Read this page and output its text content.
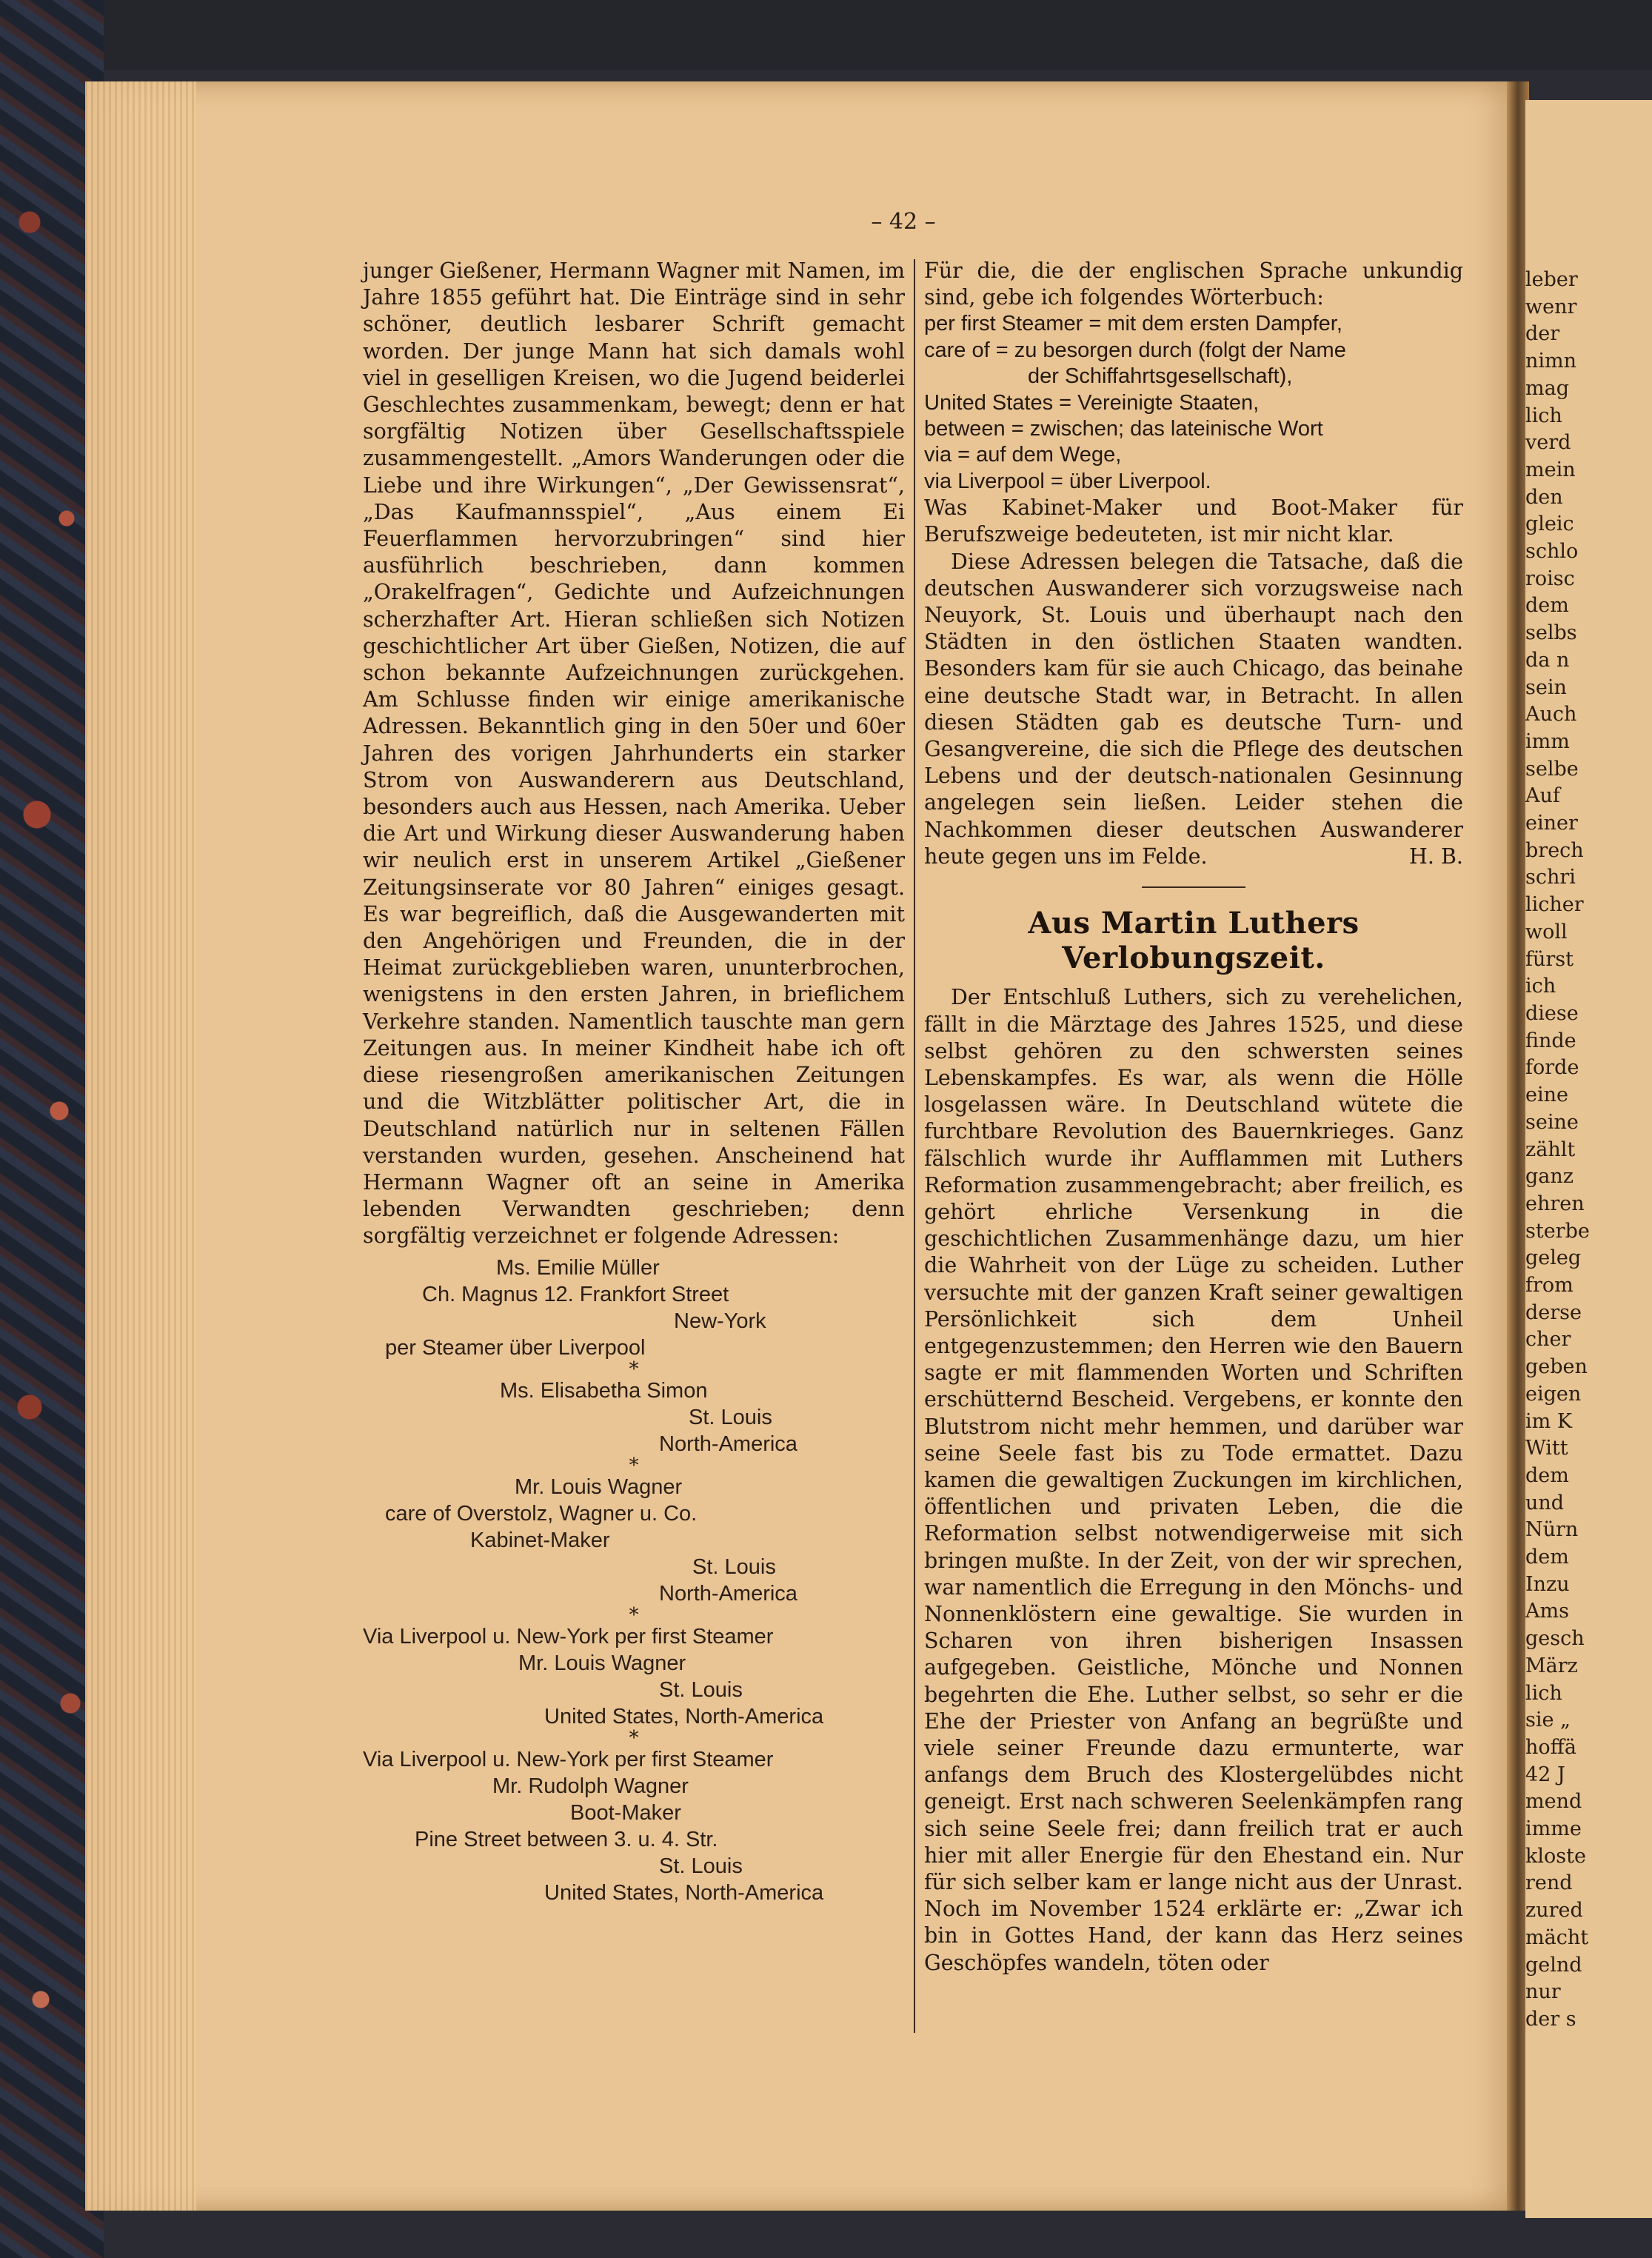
leber
wenr
der
nimn
mag
lich
verd
mein
den
gleic
schlo
roisc
dem
selbs
da n
sein
Auch
imm
selbe
Auf
einer
brech
schri
licher
woll
fürst
ich
diese
finde
forde
eine
seine
zählt
ganz
ehren
sterbe
geleg
from
derse
cher
geben
eigen
im K
Witt
dem
und
Nürn
dem
Inzu
Ams
gesch
März
lich
sie „
hoffä
42 J
mend
imme
kloste
rend
zured
mächt
gelnd
nur
der s
– 42 –

junger Gießener, Hermann Wagner mit Namen, im Jahre 1855 geführt hat. Die Einträge sind in sehr schöner, deutlich lesbarer Schrift gemacht worden. Der junge Mann hat sich damals wohl viel in geselligen Kreisen, wo die Jugend beiderlei Geschlechtes zusammenkam, bewegt; denn er hat sorgfältig Notizen über Gesellschaftsspiele zusammengestellt. „Amors Wanderungen oder die Liebe und ihre Wirkungen“, „Der Gewissensrat“, „Das Kaufmannsspiel“, „Aus einem Ei Feuerflammen hervorzubringen“ sind hier ausführlich beschrieben, dann kommen „Orakelfragen“, Gedichte und Aufzeichnungen scherzhafter Art. Hieran schließen sich Notizen geschichtlicher Art über Gießen, Notizen, die auf schon bekannte Aufzeichnungen zurückgehen. Am Schlusse finden wir einige amerikanische Adressen. Bekanntlich ging in den 50er und 60er Jahren des vorigen Jahrhunderts ein starker Strom von Auswanderern aus Deutschland, besonders auch aus Hessen, nach Amerika. Ueber die Art und Wirkung dieser Auswanderung haben wir neulich erst in unserem Artikel „Gießener Zeitungsinserate vor 80 Jahren“ einiges gesagt. Es war begreiflich, daß die Ausgewanderten mit den Angehörigen und Freunden, die in der Heimat zurückgeblieben waren, ununterbrochen, wenigstens in den ersten Jahren, in brieflichem Verkehre standen. Namentlich tauschte man gern Zeitungen aus. In meiner Kindheit habe ich oft diese riesengroßen amerikanischen Zeitungen und die Witzblätter politischer Art, die in Deutschland natürlich nur in seltenen Fällen verstanden wurden, gesehen. Anscheinend hat Hermann Wagner oft an seine in Amerika lebenden Verwandten geschrieben; denn sorgfältig verzeichnet er folgende Adressen:

Ms. Emilie Müller

Ch. Magnus 12. Frankfort Street

New-York

per Steamer über Liverpool

*

Ms. Elisabetha Simon

St. Louis

North-America

*

Mr. Louis Wagner

care of Overstolz, Wagner u. Co.

Kabinet-Maker

St. Louis

North-America

*

Via Liverpool u. New-York per first Steamer

Mr. Louis Wagner

St. Louis

United States, North-America

*

Via Liverpool u. New-York per first Steamer

Mr. Rudolph Wagner

Boot-Maker

Pine Street between 3. u. 4. Str.

St. Louis

United States, North-America

Für die, die der englischen Sprache unkundig sind, gebe ich folgendes Wörterbuch:

per first Steamer = mit dem ersten Dampfer,

care of = zu besorgen durch (folgt der Name

der Schiffahrtsgesellschaft),

United States = Vereinigte Staaten,

between = zwischen; das lateinische Wort

via = auf dem Wege,

via Liverpool = über Liverpool.

Was Kabinet-Maker und Boot-Maker für Berufszweige bedeuteten, ist mir nicht klar.

Diese Adressen belegen die Tatsache, daß die deutschen Auswanderer sich vorzugsweise nach Neuyork, St. Louis und überhaupt nach den Städten in den östlichen Staaten wandten. Besonders kam für sie auch Chicago, das beinahe eine deutsche Stadt war, in Betracht. In allen diesen Städten gab es deutsche Turn- und Gesangvereine, die sich die Pflege des deutschen Lebens und der deutsch-nationalen Gesinnung angelegen sein ließen. Leider stehen die Nachkommen dieser deutschen Auswanderer heute gegen uns im Felde.	H. B.

Aus Martin Luthers Verlobungszeit.

Der Entschluß Luthers, sich zu verehelichen, fällt in die Märztage des Jahres 1525, und diese selbst gehören zu den schwersten seines Lebenskampfes. Es war, als wenn die Hölle losgelassen wäre. In Deutschland wütete die furchtbare Revolution des Bauernkrieges. Ganz fälschlich wurde ihr Aufflammen mit Luthers Reformation zusammengebracht; aber freilich, es gehört ehrliche Versenkung in die geschichtlichen Zusammenhänge dazu, um hier die Wahrheit von der Lüge zu scheiden. Luther versuchte mit der ganzen Kraft seiner gewaltigen Persönlichkeit sich dem Unheil entgegenzustemmen; den Herren wie den Bauern sagte er mit flammenden Worten und Schriften erschütternd Bescheid. Vergebens, er konnte den Blutstrom nicht mehr hemmen, und darüber war seine Seele fast bis zu Tode ermattet. Dazu kamen die gewaltigen Zuckungen im kirchlichen, öffentlichen und privaten Leben, die die Reformation selbst notwendigerweise mit sich bringen mußte. In der Zeit, von der wir sprechen, war namentlich die Erregung in den Mönchs- und Nonnenklöstern eine gewaltige. Sie wurden in Scharen von ihren bisherigen Insassen aufgegeben. Geistliche, Mönche und Nonnen begehrten die Ehe. Luther selbst, so sehr er die Ehe der Priester von Anfang an begrüßte und viele seiner Freunde dazu ermunterte, war anfangs dem Bruch des Klostergelübdes nicht geneigt. Erst nach schweren Seelenkämpfen rang sich seine Seele frei; dann freilich trat er auch hier mit aller Energie für den Ehestand ein. Nur für sich selber kam er lange nicht aus der Unrast. Noch im November 1524 erklärte er: „Zwar ich bin in Gottes Hand, der kann das Herz seines Geschöpfes wandeln, töten oder
